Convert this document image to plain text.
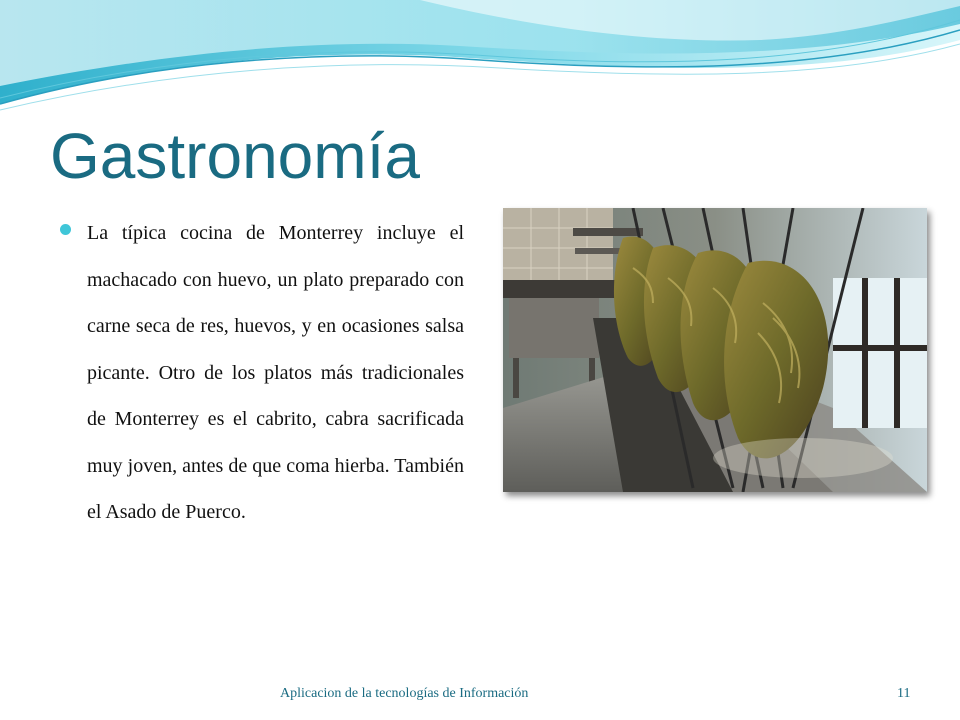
Gastronomía
La típica cocina de Monterrey incluye el machacado con huevo, un plato preparado con carne seca de res, huevos, y en ocasiones salsa picante. Otro de los platos más tradicionales de Monterrey es el cabrito, cabra sacrificada muy joven, antes de que coma hierba. También el Asado de Puerco.
Aplicacion de la tecnologías de Información	11
